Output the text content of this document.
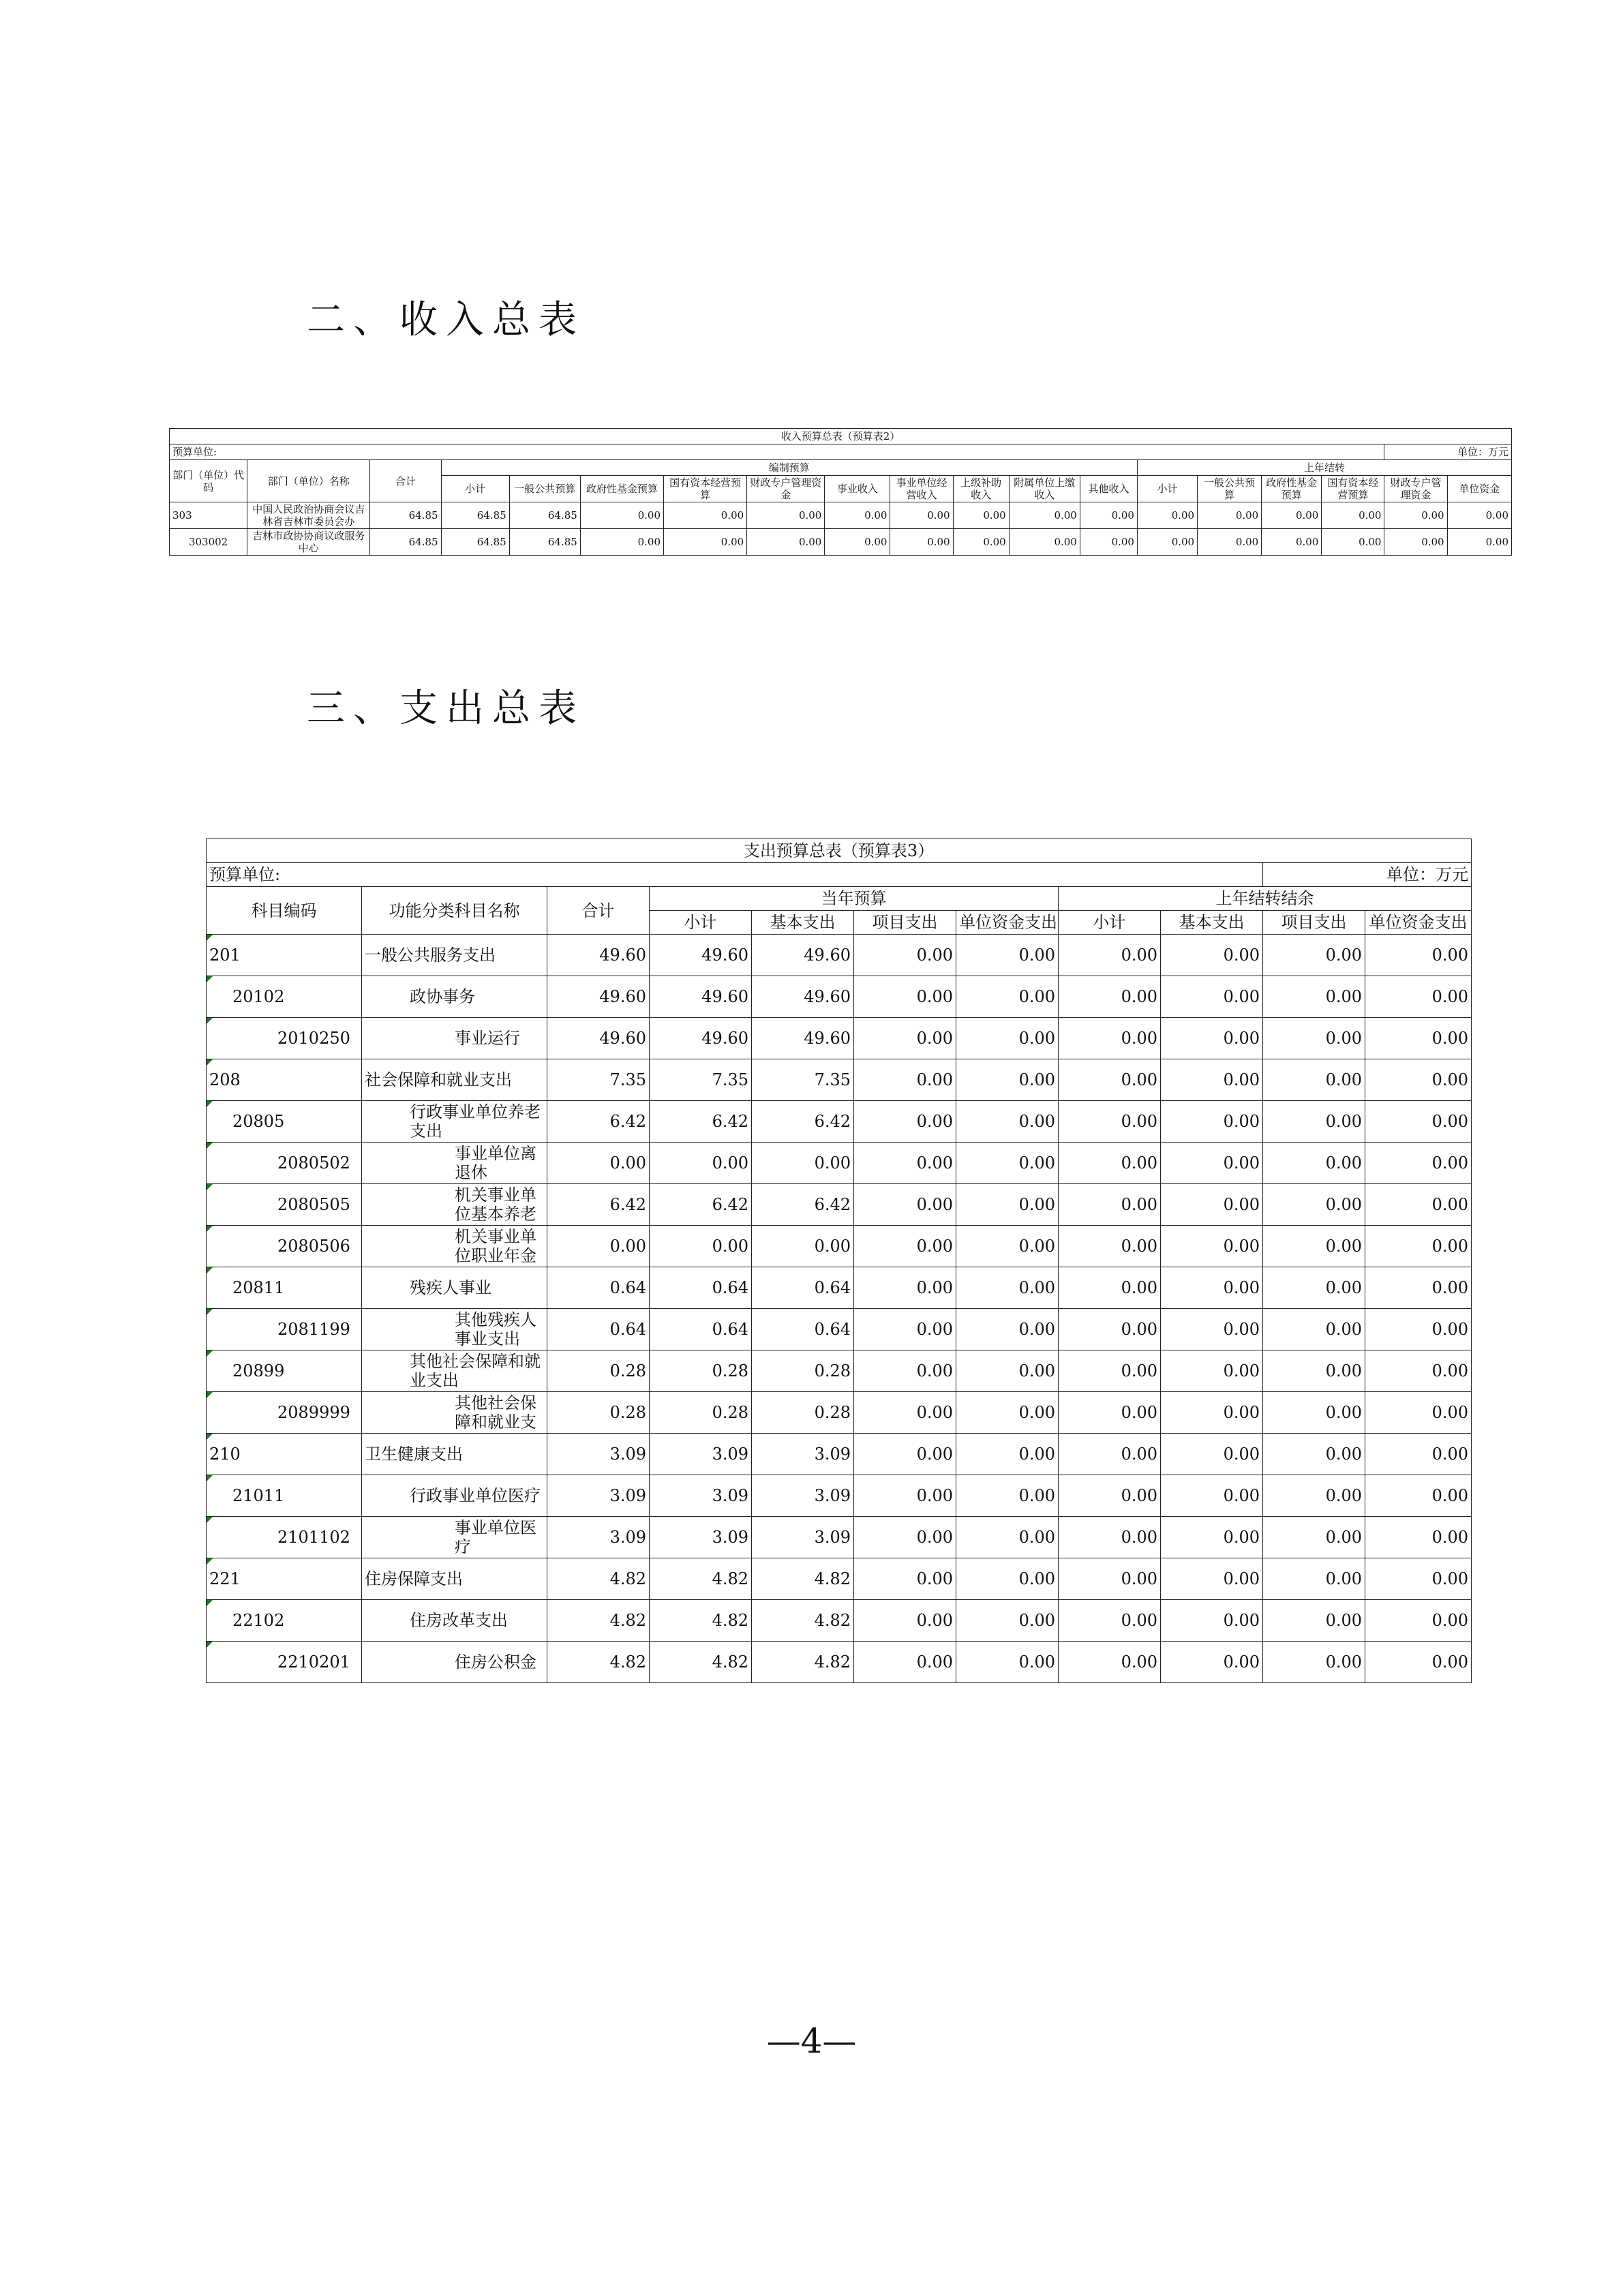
二、收入总表
收入预算总表（预算表2）																		
预算单位:																	单位：万元	
部门（单位）代码	部门（单位）名称	合计	编制预算										上年结转					
			小计	一般公共预算	政府性基金预算	国有资本经营预算	财政专户管理资金	事业收入	事业单位经营收入	上级补助收入	附属单位上缴收入	其他收入	小计	一般公共预算	政府性基金预算	国有资本经营预算	财政专户管理资金	单位资金
303	中国人民政治协商会议吉林省吉林市委员会办	64.85	64.85	64.85	0.00	0.00	0.00	0.00	0.00	0.00	0.00	0.00	0.00	0.00	0.00	0.00	0.00	0.00
303002	吉林市政协协商议政服务中心	64.85	64.85	64.85	0.00	0.00	0.00	0.00	0.00	0.00	0.00	0.00	0.00	0.00	0.00	0.00	0.00	0.00
三、支出总表
支出预算总表（预算表3）										
预算单位:									单位：万元	
科目编码	功能分类科目名称	合计	当年预算				上年结转结余			
			小计	基本支出	项目支出	单位资金支出	小计	基本支出	项目支出	单位资金支出
201	一般公共服务支出	49.60	49.60	49.60	0.00	0.00	0.00	0.00	0.00	0.00
20102	政协事务	49.60	49.60	49.60	0.00	0.00	0.00	0.00	0.00	0.00
2010250	事业运行	49.60	49.60	49.60	0.00	0.00	0.00	0.00	0.00	0.00
208	社会保障和就业支出	7.35	7.35	7.35	0.00	0.00	0.00	0.00	0.00	0.00
20805	行政事业单位养老支出	6.42	6.42	6.42	0.00	0.00	0.00	0.00	0.00	0.00
2080502	事业单位离退休	0.00	0.00	0.00	0.00	0.00	0.00	0.00	0.00	0.00
2080505	机关事业单位基本养老	6.42	6.42	6.42	0.00	0.00	0.00	0.00	0.00	0.00
2080506	机关事业单位职业年金	0.00	0.00	0.00	0.00	0.00	0.00	0.00	0.00	0.00
20811	残疾人事业	0.64	0.64	0.64	0.00	0.00	0.00	0.00	0.00	0.00
2081199	其他残疾人事业支出	0.64	0.64	0.64	0.00	0.00	0.00	0.00	0.00	0.00
20899	其他社会保障和就业支出	0.28	0.28	0.28	0.00	0.00	0.00	0.00	0.00	0.00
2089999	其他社会保障和就业支	0.28	0.28	0.28	0.00	0.00	0.00	0.00	0.00	0.00
210	卫生健康支出	3.09	3.09	3.09	0.00	0.00	0.00	0.00	0.00	0.00
21011	行政事业单位医疗	3.09	3.09	3.09	0.00	0.00	0.00	0.00	0.00	0.00
2101102	事业单位医疗	3.09	3.09	3.09	0.00	0.00	0.00	0.00	0.00	0.00
221	住房保障支出	4.82	4.82	4.82	0.00	0.00	0.00	0.00	0.00	0.00
22102	住房改革支出	4.82	4.82	4.82	0.00	0.00	0.00	0.00	0.00	0.00
2210201	住房公积金	4.82	4.82	4.82	0.00	0.00	0.00	0.00	0.00	0.00
—4—
